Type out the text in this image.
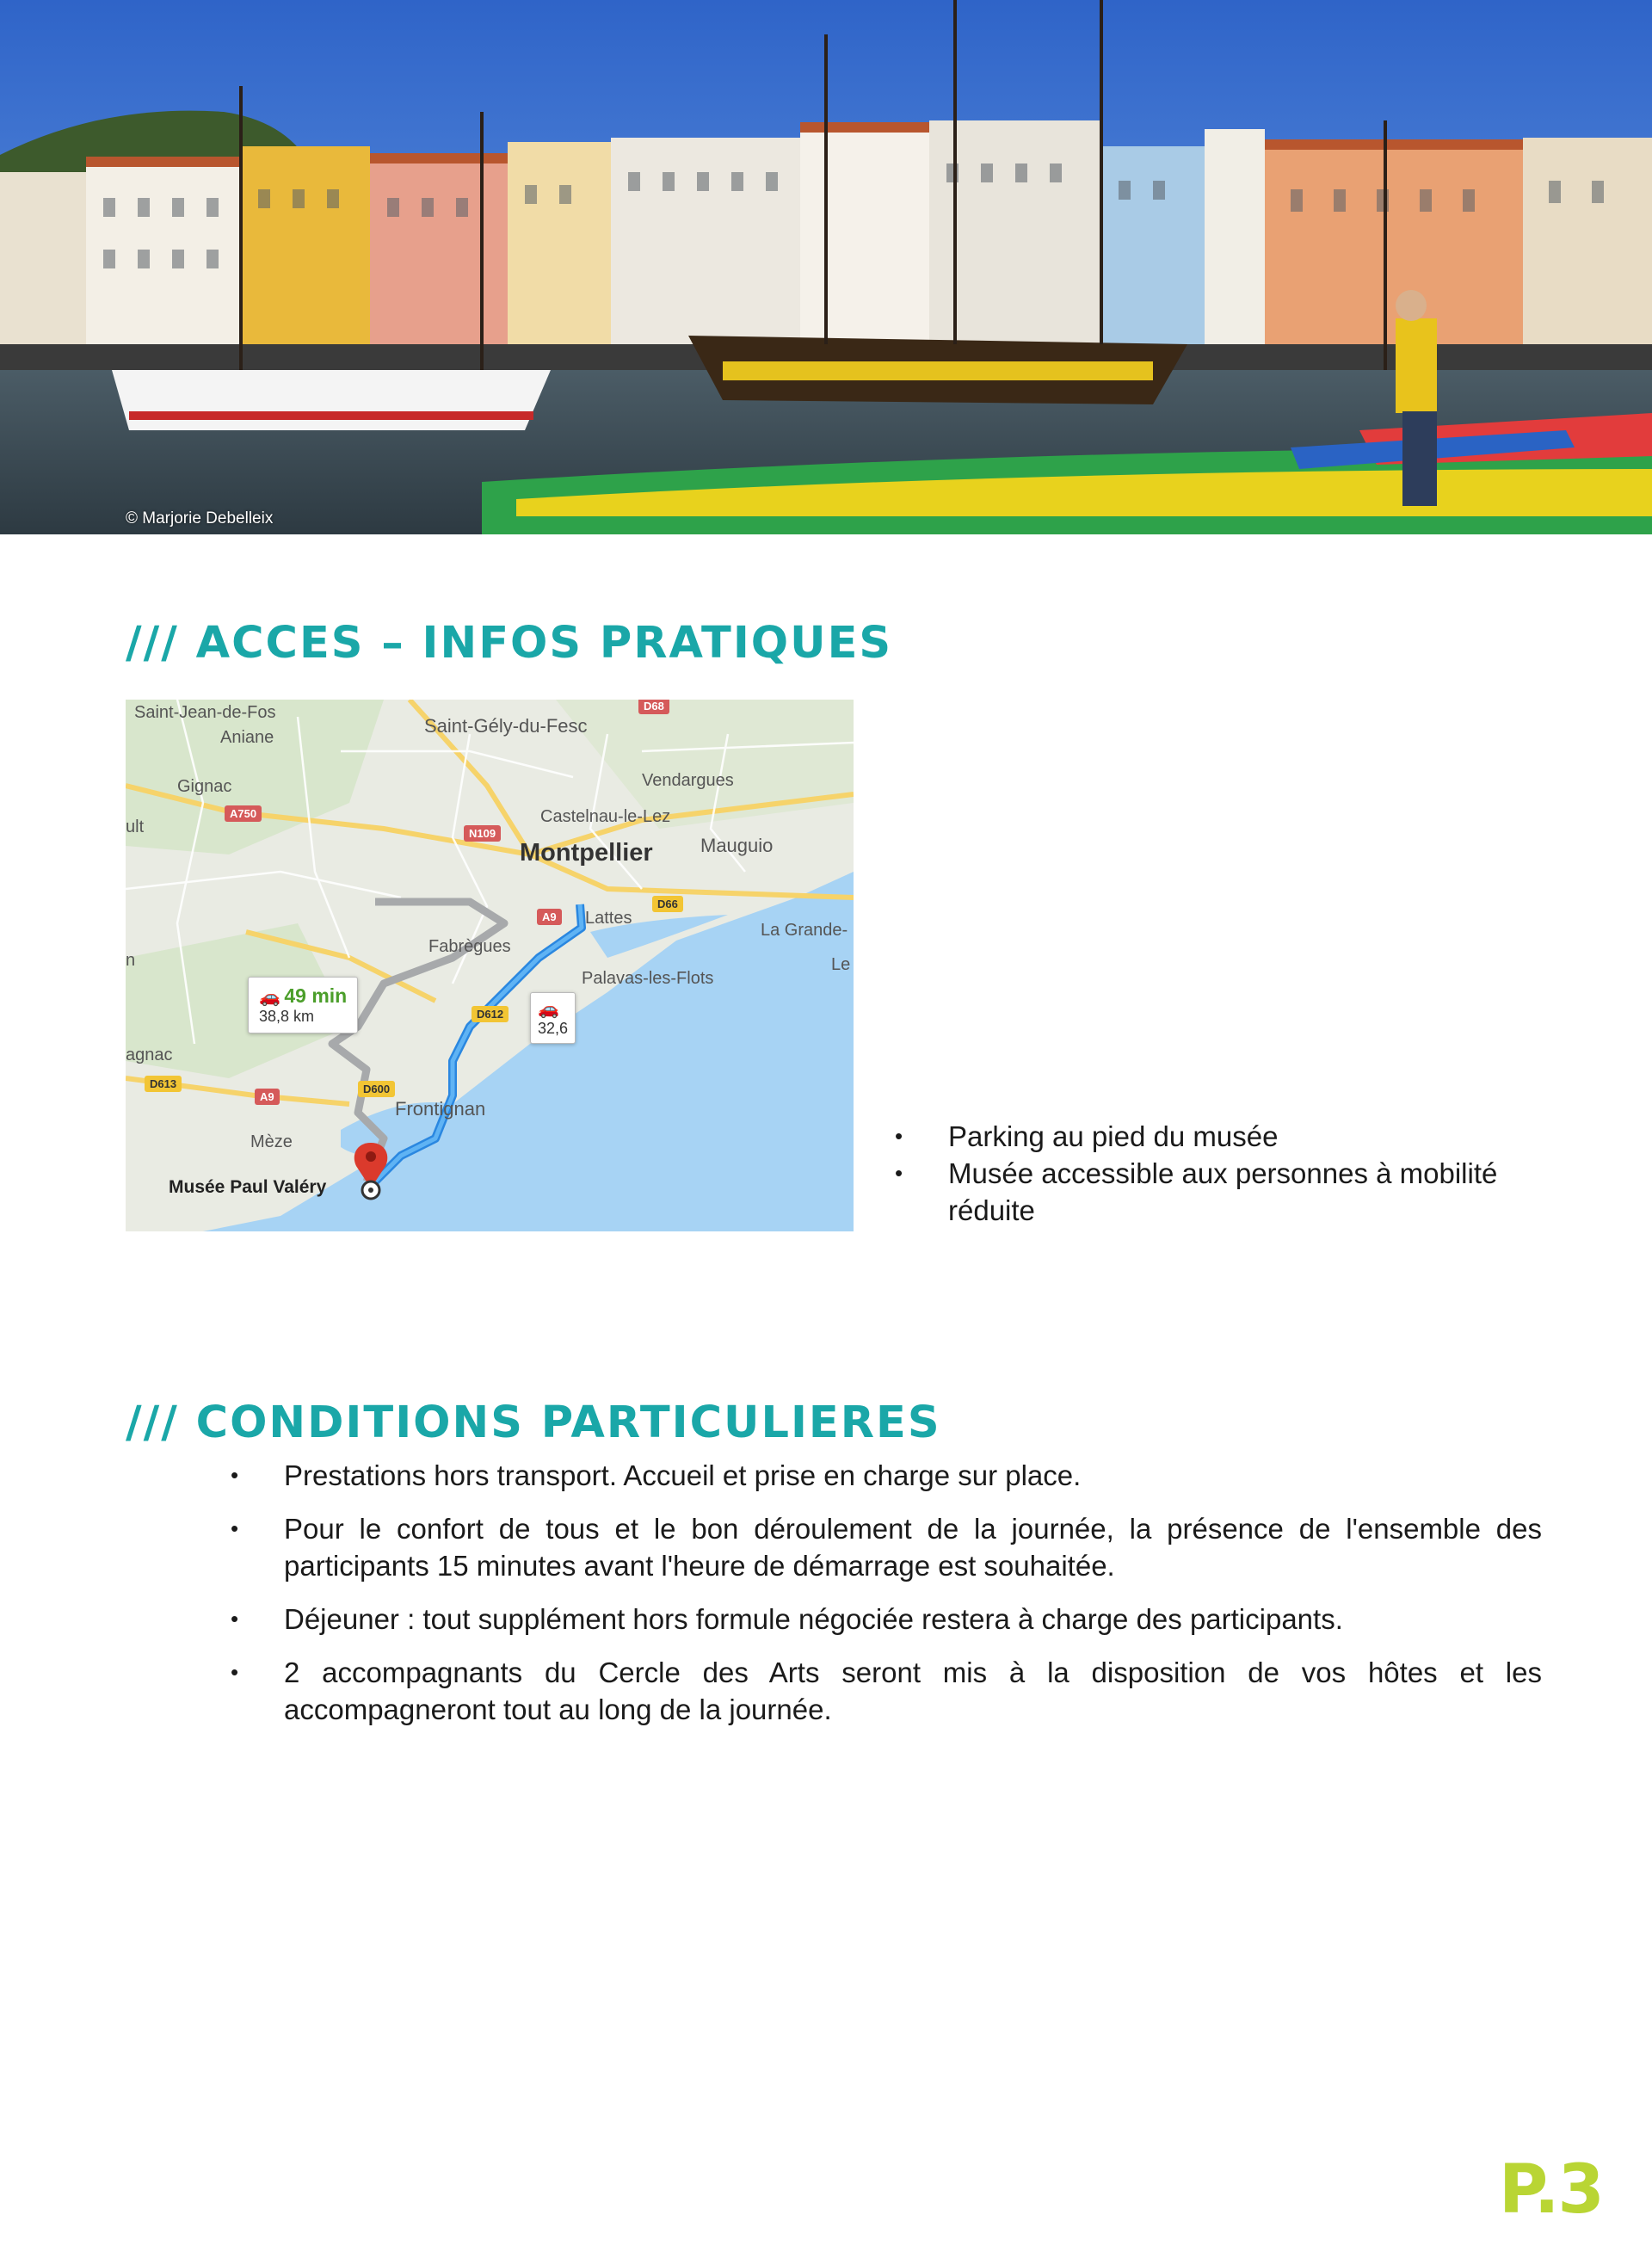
© Marjorie Debelleix
/// ACCES – INFOS PRATIQUES
Saint-Jean-de-Fos
Aniane
Saint-Gély-du-Fesc
Gignac	Vendargues
Castelnau-le-Lez
Montpellier	Mauguio
Lattes
La Grande-
Le
Fabrègues
Palavas-les-Flots
Frontignan
Mèze
agnac
ult
n
D68
A750
N109
D66
A9
D612
D600
A9
D613
🚗 49 min
38,8 km	🚗
32,6
Musée Paul Valéry
• Parking au pied du musée
• Musée accessible aux personnes à mobilité réduite
/// CONDITIONS PARTICULIERES
• Prestations hors transport. Accueil et prise en charge sur place.
• Pour le confort de tous et le bon déroulement de la journée, la présence de l'ensemble des participants 15 minutes avant l'heure de démarrage est souhaitée.
• Déjeuner : tout supplément hors formule négociée restera à charge des participants.
• 2 accompagnants du Cercle des Arts seront mis à la disposition de vos hôtes et les accompagneront tout au long de la journée.
P.3
